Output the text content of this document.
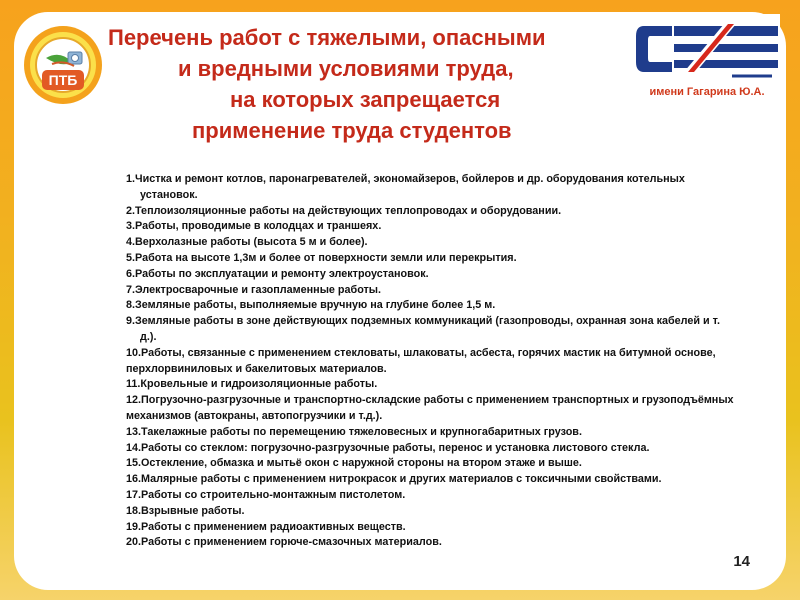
ПТБ
Перечень работ с тяжелыми, опасными
и вредными условиями труда,
на которых запрещается
применение труда студентов
имени Гагарина Ю.А.
1.Чистка и ремонт котлов, паронагревателей, экономайзеров, бойлеров и др. оборудования котельных
установок.
2.Теплоизоляционные работы на действующих теплопроводах и оборудовании.
3.Работы, проводимые в колодцах и траншеях.
4.Верхолазные работы (высота 5 м и более).
5.Работа на высоте 1,3м и более от поверхности земли или перекрытия.
6.Работы по эксплуатации и ремонту электроустановок.
7.Электросварочные и газопламенные работы.
8.Земляные работы, выполняемые вручную на глубине более 1,5 м.
9.Земляные работы в зоне действующих подземных коммуникаций (газопроводы, охранная зона кабелей и т.
д.).
10.Работы, связанные с применением стекловаты, шлаковаты, асбеста, горячих мастик на битумной основе, перхлорвиниловых и бакелитовых материалов.
11.Кровельные и гидроизоляционные работы.
12.Погрузочно-разгрузочные и транспортно-складские работы с применением транспортных и грузоподъёмных механизмов (автокраны, автопогрузчики и т.д.).
13.Такелажные работы по перемещению тяжеловесных и крупногабаритных грузов.
14.Работы со стеклом: погрузочно-разгрузочные работы, перенос и установка листового стекла.
15.Остекление, обмазка и мытьё окон с наружной стороны на втором этаже и выше.
16.Малярные работы с применением нитрокрасок и других материалов с токсичными свойствами.
17.Работы со строительно-монтажным пистолетом.
18.Взрывные работы.
19.Работы с применением радиоактивных веществ.
20.Работы с применением горюче-смазочных материалов.
14
